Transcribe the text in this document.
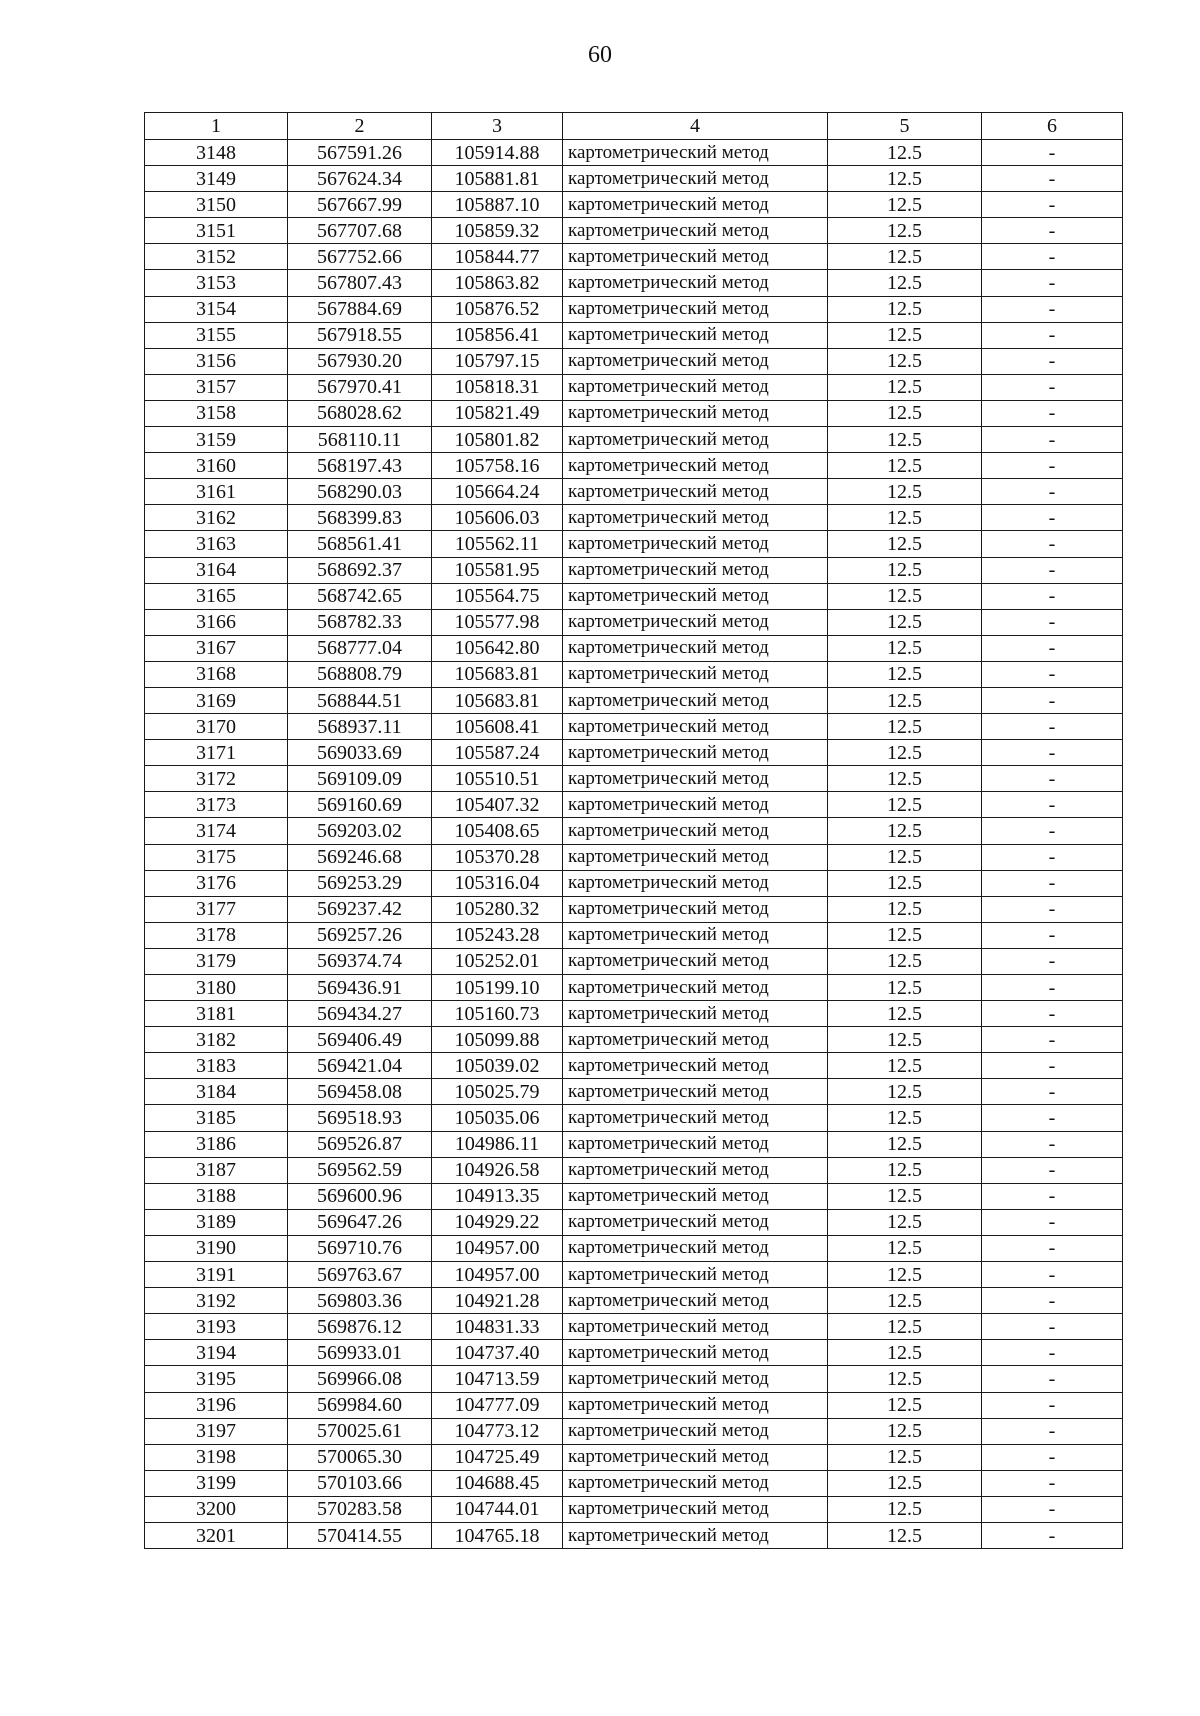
60
1	2	3	4	5	6
3148	567591.26	105914.88	картометрический метод	12.5	-
3149	567624.34	105881.81	картометрический метод	12.5	-
3150	567667.99	105887.10	картометрический метод	12.5	-
3151	567707.68	105859.32	картометрический метод	12.5	-
3152	567752.66	105844.77	картометрический метод	12.5	-
3153	567807.43	105863.82	картометрический метод	12.5	-
3154	567884.69	105876.52	картометрический метод	12.5	-
3155	567918.55	105856.41	картометрический метод	12.5	-
3156	567930.20	105797.15	картометрический метод	12.5	-
3157	567970.41	105818.31	картометрический метод	12.5	-
3158	568028.62	105821.49	картометрический метод	12.5	-
3159	568110.11	105801.82	картометрический метод	12.5	-
3160	568197.43	105758.16	картометрический метод	12.5	-
3161	568290.03	105664.24	картометрический метод	12.5	-
3162	568399.83	105606.03	картометрический метод	12.5	-
3163	568561.41	105562.11	картометрический метод	12.5	-
3164	568692.37	105581.95	картометрический метод	12.5	-
3165	568742.65	105564.75	картометрический метод	12.5	-
3166	568782.33	105577.98	картометрический метод	12.5	-
3167	568777.04	105642.80	картометрический метод	12.5	-
3168	568808.79	105683.81	картометрический метод	12.5	-
3169	568844.51	105683.81	картометрический метод	12.5	-
3170	568937.11	105608.41	картометрический метод	12.5	-
3171	569033.69	105587.24	картометрический метод	12.5	-
3172	569109.09	105510.51	картометрический метод	12.5	-
3173	569160.69	105407.32	картометрический метод	12.5	-
3174	569203.02	105408.65	картометрический метод	12.5	-
3175	569246.68	105370.28	картометрический метод	12.5	-
3176	569253.29	105316.04	картометрический метод	12.5	-
3177	569237.42	105280.32	картометрический метод	12.5	-
3178	569257.26	105243.28	картометрический метод	12.5	-
3179	569374.74	105252.01	картометрический метод	12.5	-
3180	569436.91	105199.10	картометрический метод	12.5	-
3181	569434.27	105160.73	картометрический метод	12.5	-
3182	569406.49	105099.88	картометрический метод	12.5	-
3183	569421.04	105039.02	картометрический метод	12.5	-
3184	569458.08	105025.79	картометрический метод	12.5	-
3185	569518.93	105035.06	картометрический метод	12.5	-
3186	569526.87	104986.11	картометрический метод	12.5	-
3187	569562.59	104926.58	картометрический метод	12.5	-
3188	569600.96	104913.35	картометрический метод	12.5	-
3189	569647.26	104929.22	картометрический метод	12.5	-
3190	569710.76	104957.00	картометрический метод	12.5	-
3191	569763.67	104957.00	картометрический метод	12.5	-
3192	569803.36	104921.28	картометрический метод	12.5	-
3193	569876.12	104831.33	картометрический метод	12.5	-
3194	569933.01	104737.40	картометрический метод	12.5	-
3195	569966.08	104713.59	картометрический метод	12.5	-
3196	569984.60	104777.09	картометрический метод	12.5	-
3197	570025.61	104773.12	картометрический метод	12.5	-
3198	570065.30	104725.49	картометрический метод	12.5	-
3199	570103.66	104688.45	картометрический метод	12.5	-
3200	570283.58	104744.01	картометрический метод	12.5	-
3201	570414.55	104765.18	картометрический метод	12.5	-
